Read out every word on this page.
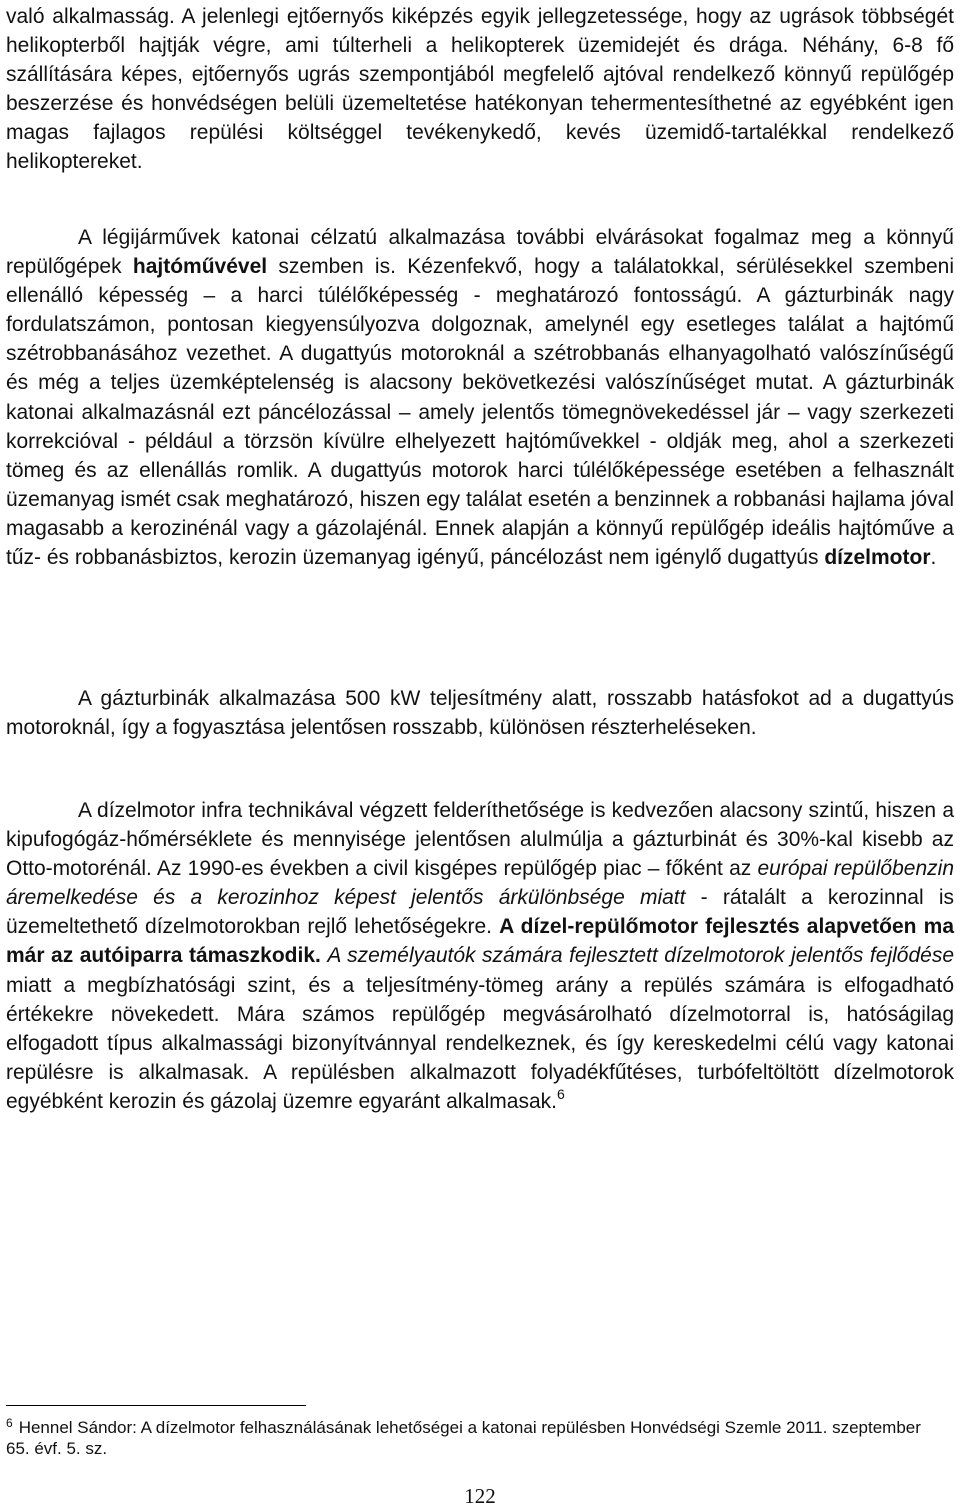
való alkalmasság. A jelenlegi ejtőernyős kiképzés egyik jellegzetessége, hogy az ugrások többségét helikopterből hajtják végre, ami túlterheli a helikopterek üzemidejét és drága. Néhány, 6-8 fő szállítására képes, ejtőernyős ugrás szempontjából megfelelő ajtóval rendelkező könnyű repülőgép beszerzése és honvédségen belüli üzemeltetése hatékonyan tehermentesíthetné az egyébként igen magas fajlagos repülési költséggel tevékenykedő, kevés üzemidő-tartalékkal rendelkező helikoptereket.

A légijárművek katonai célzatú alkalmazása további elvárásokat fogalmaz meg a könnyű repülőgépek hajtóművével szemben is. Kézenfekvő, hogy a találatokkal, sérülésekkel szembeni ellenálló képesség – a harci túlélőképesség - meghatározó fontosságú. A gázturbinák nagy fordulatszámon, pontosan kiegyensúlyozva dolgoznak, amelynél egy esetleges találat a hajtómű szétrobbanásához vezethet. A dugattyús motoroknál a szétrobbanás elhanyagolható valószínűségű és még a teljes üzemképtelenség is alacsony bekövetkezési valószínűséget mutat. A gázturbinák katonai alkalmazásnál ezt páncélozással – amely jelentős tömegnövekedéssel jár – vagy szerkezeti korrekcióval - például a törzsön kívülre elhelyezett hajtóművekkel - oldják meg, ahol a szerkezeti tömeg és az ellenállás romlik. A dugattyús motorok harci túlélőképessége esetében a felhasznált üzemanyag ismét csak meghatározó, hiszen egy találat esetén a benzinnek a robbanási hajlama jóval magasabb a kerozinénál vagy a gázolajénál. Ennek alapján a könnyű repülőgép ideális hajtóműve a tűz- és robbanásbiztos, kerozin üzemanyag igényű, páncélozást nem igénylő dugattyús dízelmotor.

A gázturbinák alkalmazása 500 kW teljesítmény alatt, rosszabb hatásfokot ad a dugattyús motoroknál, így a fogyasztása jelentősen rosszabb, különösen részterheléseken.

A dízelmotor infra technikával végzett felderíthetősége is kedvezően alacsony szintű, hiszen a kipufogógáz-hőmérséklete és mennyisége jelentősen alulmúlja a gázturbinát és 30%-kal kisebb az Otto-motorénál. Az 1990-es években a civil kisgépes repülőgép piac – főként az európai repülőbenzin áremelkedése és a kerozinhoz képest jelentős árkülönbsége miatt - rátalált a kerozinnal is üzemeltethető dízelmotorokban rejlő lehetőségekre. A dízel-repülőmotor fejlesztés alapvetően ma már az autóiparra támaszkodik. A személyautók számára fejlesztett dízelmotorok jelentős fejlődése miatt a megbízhatósági szint, és a teljesítmény-tömeg arány a repülés számára is elfogadható értékekre növekedett. Mára számos repülőgép megvásárolható dízelmotorral is, hatóságilag elfogadott típus alkalmassági bizonyítvánnyal rendelkeznek, és így kereskedelmi célú vagy katonai repülésre is alkalmasak. A repülésben alkalmazott folyadékfűtéses, turbófeltöltött dízelmotorok egyébként kerozin és gázolaj üzemre egyaránt alkalmasak.$^6$

$^6$ Hennel Sándor: A dízelmotor felhasználásának lehetőségei a katonai repülésben Honvédségi Szemle 2011. szeptember 65. évf. 5. sz.
122
